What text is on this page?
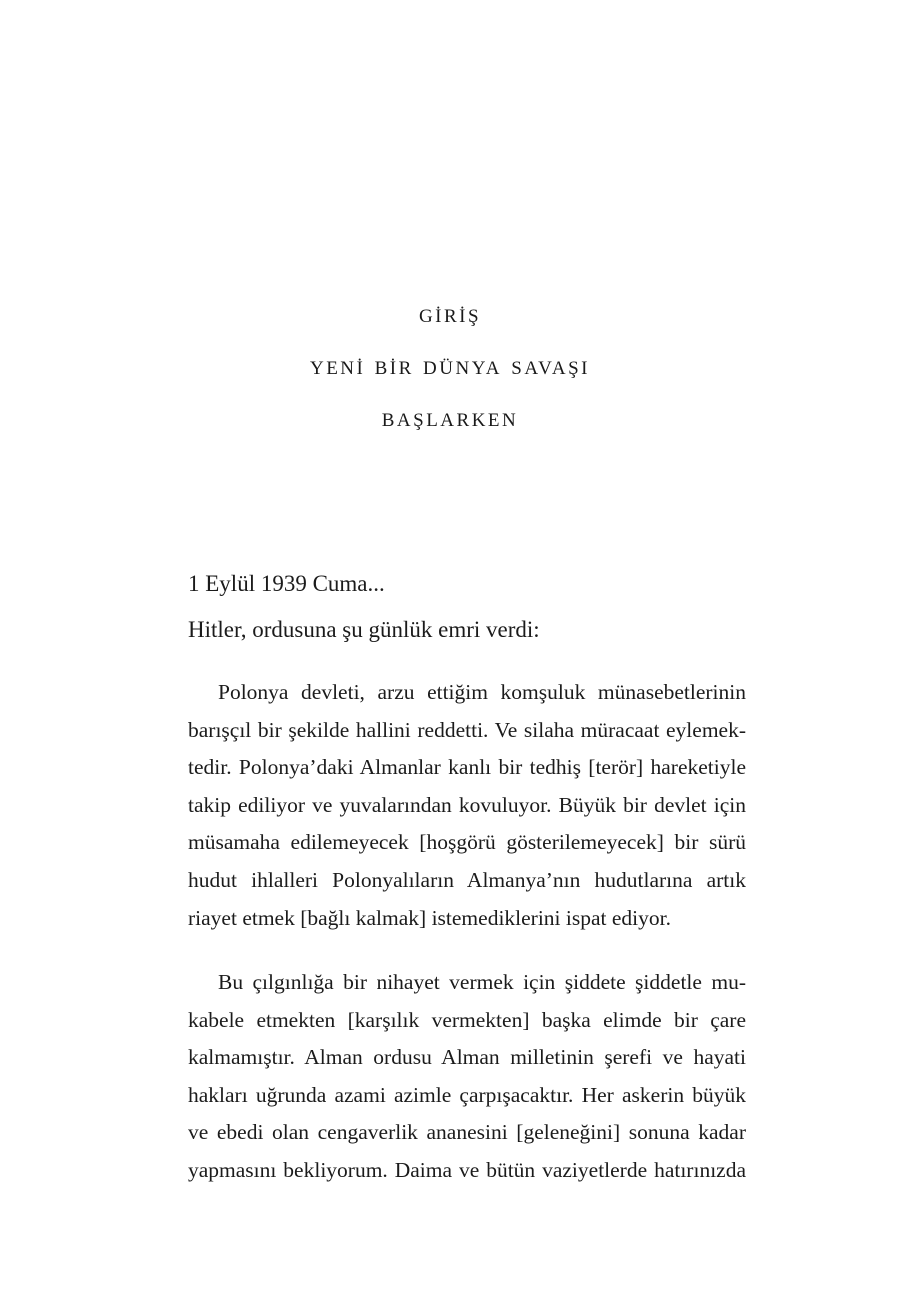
gi̇ri̇ş
yeni̇ bi̇r dünya savaşi
başlarken
1 Eylül 1939 Cuma...
Hitler, ordusuna şu günlük emri verdi:
Polonya devleti, arzu ettiğim komşuluk münasebetlerinin
barışçıl bir şekilde hallini reddetti. Ve silaha müracaat eylemek-
tedir. Polonya’daki Almanlar kanlı bir tedhiş [terör] hareketiyle
takip ediliyor ve yuvalarından kovuluyor. Büyük bir devlet için
müsamaha edilemeyecek [hoşgörü gösterilemeyecek] bir sürü
hudut ihlalleri Polonyalıların Almanya’nın hudutlarına artık
riayet etmek [bağlı kalmak] istemediklerini ispat ediyor.
Bu çılgınlığa bir nihayet vermek için şiddete şiddetle mu-
kabele etmekten [karşılık vermekten] başka elimde bir çare
kalmamıştır. Alman ordusu Alman milletinin şerefi ve hayati
hakları uğrunda azami azimle çarpışacaktır. Her askerin büyük
ve ebedi olan cengaverlik ananesini [geleneğini] sonuna kadar
yapmasını bekliyorum. Daima ve bütün vaziyetlerde hatırınızda
